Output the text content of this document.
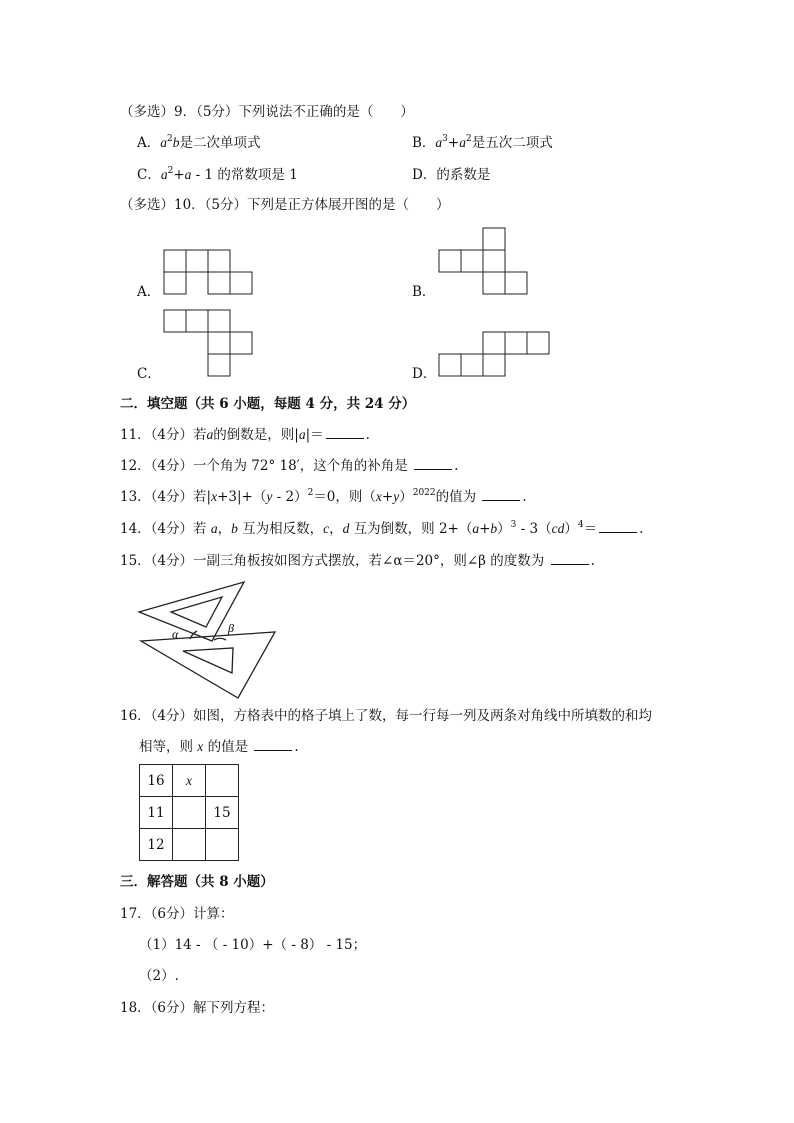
（多选）9．（5分）下列说法不正确的是（　　）
A．$a^2b$是二次单项式	B．$a^3+a^2$是五次二项式
C．$a^2+a - 1$ 的常数项是 1	D．的系数是
（多选）10．（5分）下列是正方体展开图的是（　　）
A．	B．
C．	D．
二．填空题（共 6 小题，每题 4 分，共 24 分）
11．（4分）若a的倒数是，则|a|＝	.
12．（4分）一个角为 72° 18′，这个角的补角是	.
13．（4分）若|x+3|+（y - 2）$^2$＝0，则$(x+y)^{2022}$的值为	.
14．（4分）若 a，b 互为相反数，c，d 互为倒数，则 $2+(a+b)^3 - 3(cd)^4=$	.
15．（4分）一副三角板按如图方式摆放，若∠α＝20°，则∠β 的度数为	.
α	β
16．（4分）如图，方格表中的格子填上了数，每一行每一列及两条对角线中所填数的和均
相等，则 x 的值是	.
16	x	
11		15
12		
三．解答题（共 8 小题）
17．（6分）计算：
（1）14 - （ - 10）+（ - 8） - 15；
（2）.
18．（6分）解下列方程：
